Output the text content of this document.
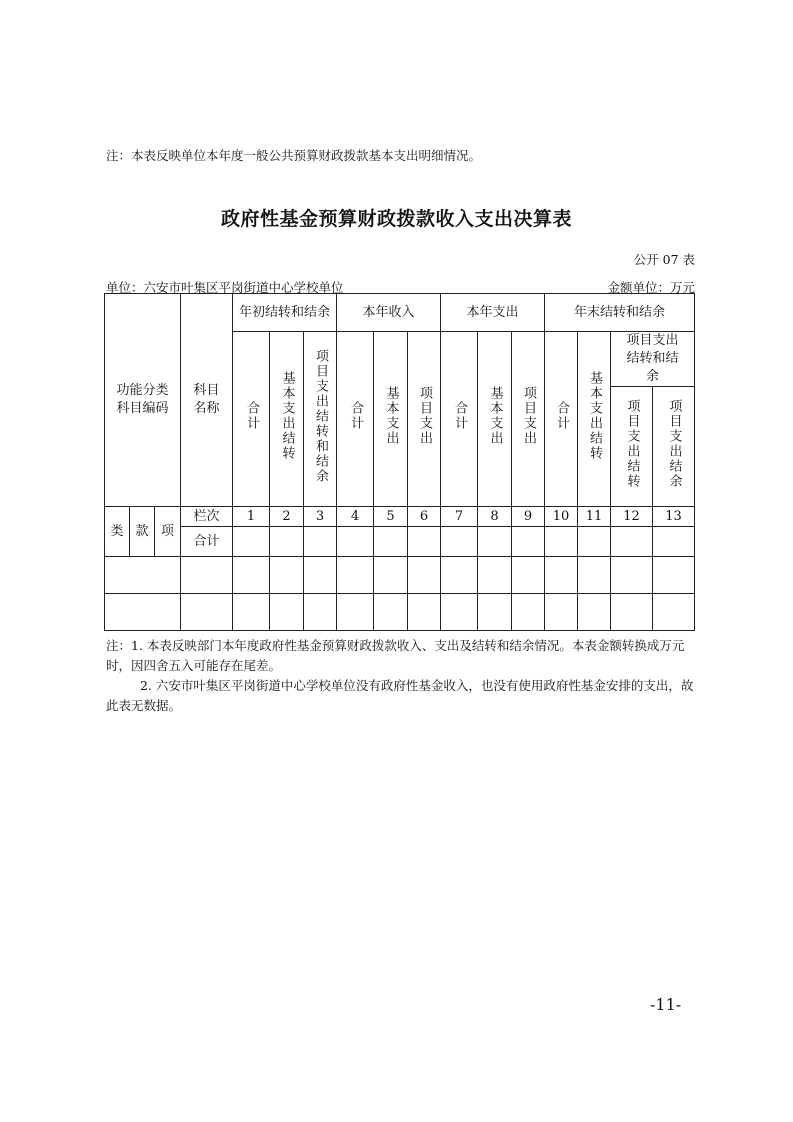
注：本表反映单位本年度一般公共预算财政拨款基本支出明细情况。
政府性基金预算财政拨款收入支出决算表
公开 07 表
单位：六安市叶集区平岗街道中心学校单位	金额单位：万元
功能分类科目编码			科目名称	年初结转和结余			本年收入			本年支出			年末结转和结余			
				合计	基本支出结转	项目支出结转和结余	合计	基本支出	项目支出	合计	基本支出	项目支出	合计	基本支出结转	项目支出结转和结余	
															项目支出结转	项目支出结余
类	款	项	栏次	1	2	3	4	5	6	7	8	9	10	11	12	13
			合计													

注：1. 本表反映部门本年度政府性基金预算财政拨款收入、支出及结转和结余情况。本表金额转换成万元时，因四舍五入可能存在尾差。

2. 六安市叶集区平岗街道中心学校单位没有政府性基金收入，也没有使用政府性基金安排的支出，故此表无数据。

-11-
